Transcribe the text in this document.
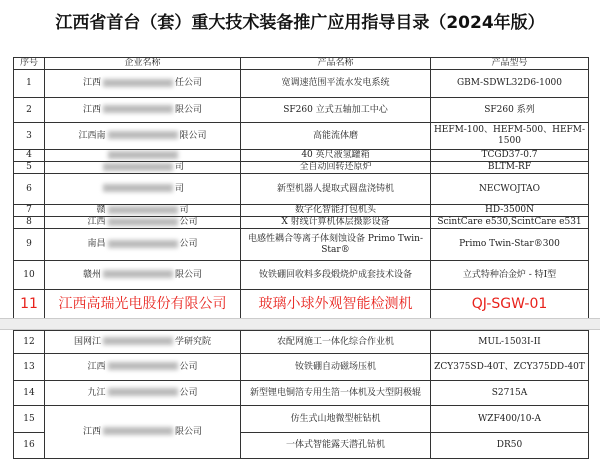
江西省首台（套）重大技术装备推广应用指导目录（2024年版）
序号	企业名称	产品名称	产品型号
1	江西 任公司	宽调速范围平流水发电系统	GBM-SDWL32D6-1000
2	江西 限公司	SF260 立式五轴加工中心	SF260 系列
3	江西南 限公司	高能流体磨	HEFM-100、HEFM-500、HEFM-1500
4		40 英尺液氢罐箱	TCGD37-0.7
5	司	全自动回转还原炉	BLTM-RF
6	司	新型机器人提取式圆盘浇铸机	NECWOJTAO
7	赣 司	数字化智能打包机头	HD-3500N
8	江西 公司	X 射线计算机体层摄影设备	ScintCare e530,ScintCare e531
9	南昌 公司	电感性耦合等离子体刻蚀设备 Primo Twin-Star®	Primo Twin-Star®300
10	赣州 限公司	钕铁硼回收料多段煅烧炉成套技术设备	立式特种冶金炉 - 特Ⅰ型
11	江西高瑞光电股份有限公司	玻璃小球外观智能检测机	QJ-SGW-01
12	国网江 学研究院	农配网施工一体化综合作业机	MUL-1503I-II
13	江西 公司	钕铁硼自动磁场压机	ZCY375SD-40T、ZCY375DD-40T
14	九江 公司	新型锂电铜箔专用生箔一体机及大型阴极辊	S2715A
15	江西 限公司	仿生式山地微型桩钻机	WZF400/10-A
16		一体式智能露天潜孔钻机	DR50
